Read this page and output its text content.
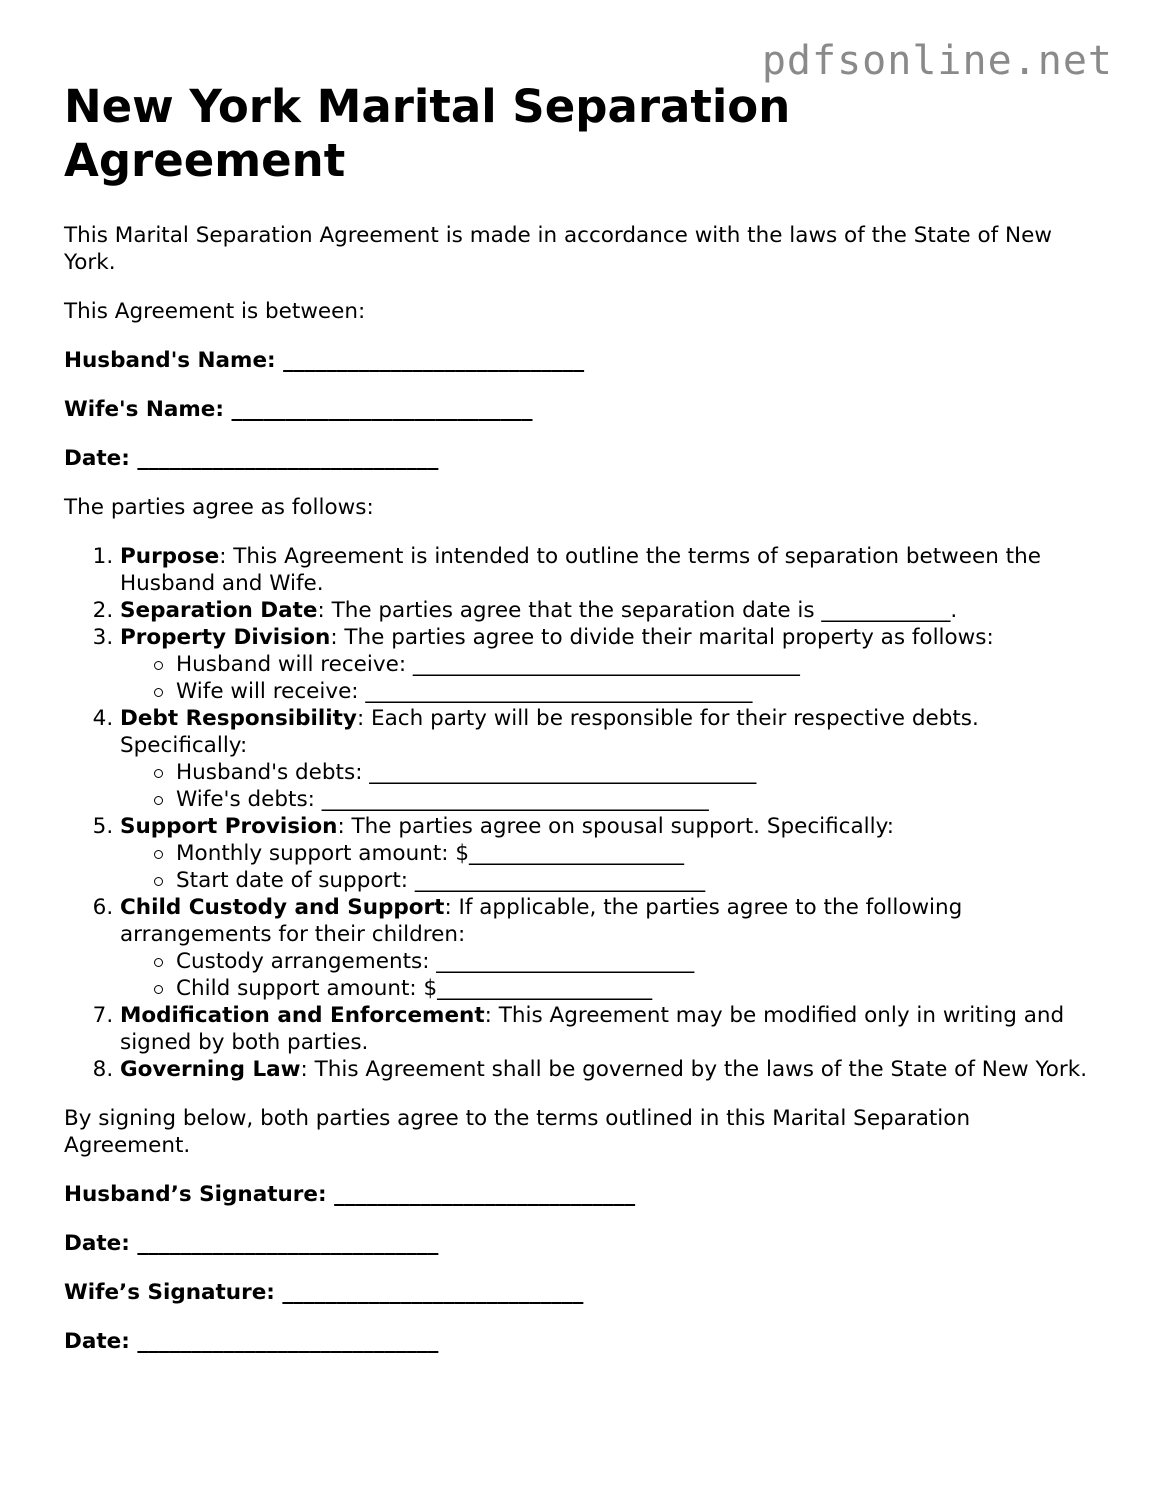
pdfsonline.net
New York Marital Separation Agreement

This Marital Separation Agreement is made in accordance with the laws of the State of New York.

This Agreement is between:

Husband's Name: ____________________________

Wife's Name: ____________________________

Date: ____________________________

The parties agree as follows:

1. Purpose: This Agreement is intended to outline the terms of separation between the Husband and Wife.
2. Separation Date: The parties agree that the separation date is ____________.
3. Property Division: The parties agree to divide their marital property as follows:
Husband will receive: ____________________________________
Wife will receive: ____________________________________
4. Debt Responsibility: Each party will be responsible for their respective debts. Specifically:
Husband's debts: ____________________________________
Wife's debts: ____________________________________
5. Support Provision: The parties agree on spousal support. Specifically:
Monthly support amount: $____________________
Start date of support: ___________________________
6. Child Custody and Support: If applicable, the parties agree to the following arrangements for their children:
Custody arrangements: ________________________
Child support amount: $____________________
7. Modification and Enforcement: This Agreement may be modified only in writing and signed by both parties.
8. Governing Law: This Agreement shall be governed by the laws of the State of New York.

By signing below, both parties agree to the terms outlined in this Marital Separation Agreement.

Husband’s Signature: ____________________________

Date: ____________________________

Wife’s Signature: ____________________________

Date: ____________________________
